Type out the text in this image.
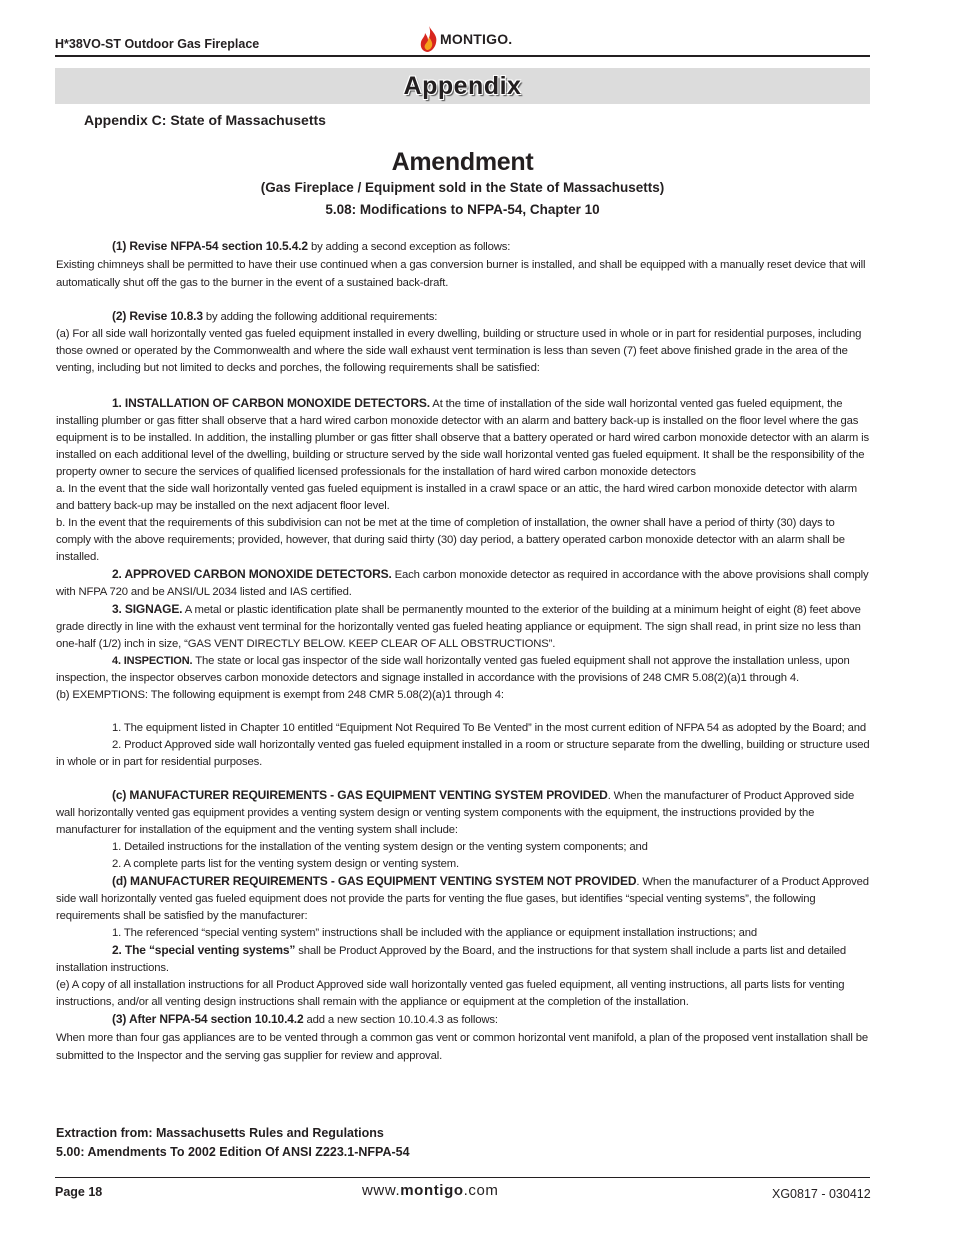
H*38VO-ST Outdoor Gas Fireplace	MONTIGO .
Appendix
Appendix C: State of Massachusetts
Amendment
(Gas Fireplace / Equipment sold in the State of Massachusetts)
5.08: Modifications to NFPA-54, Chapter 10

(1) Revise NFPA-54 section 10.5.4.2 by adding a second exception as follows:

Existing chimneys shall be permitted to have their use continued when a gas conversion burner is installed, and shall be equipped with a manually reset device that will automatically shut off the gas to the burner in the event of a sustained back-draft.

(2) Revise 10.8.3 by adding the following additional requirements:

(a) For all side wall horizontally vented gas fueled equipment installed in every dwelling, building or structure used in whole or in part for residential purposes, including those owned or operated by the Commonwealth and where the side wall exhaust vent termination is less than seven (7) feet above finished grade in the area of the venting, including but not limited to decks and porches, the following requirements shall be satisfied:

1. INSTALLATION OF CARBON MONOXIDE DETECTORS. At the time of installation of the side wall horizontal vented gas fueled equipment, the installing plumber or gas fitter shall observe that a hard wired carbon monoxide detector with an alarm and battery back-up is installed on the floor level where the gas equipment is to be installed. In addition, the installing plumber or gas fitter shall observe that a battery operated or hard wired carbon monoxide detector with an alarm is installed on each additional level of the dwelling, building or structure served by the side wall horizontal vented gas fueled equipment. It shall be the responsibility of the property owner to secure the services of qualified licensed professionals for the installation of hard wired carbon monoxide detectors

a. In the event that the side wall horizontally vented gas fueled equipment is installed in a crawl space or an attic, the hard wired carbon monoxide detector with alarm and battery back-up may be installed on the next adjacent floor level.

b. In the event that the requirements of this subdivision can not be met at the time of completion of installation, the owner shall have a period of thirty (30) days to comply with the above requirements; provided, however, that during said thirty (30) day period, a battery operated carbon monoxide detector with an alarm shall be installed.

2. APPROVED CARBON MONOXIDE DETECTORS. Each carbon monoxide detector as required in accordance with the above provisions shall comply with NFPA 720 and be ANSI/UL 2034 listed and IAS certified.

3. SIGNAGE. A metal or plastic identification plate shall be permanently mounted to the exterior of the building at a minimum height of eight (8) feet above grade directly in line with the exhaust vent terminal for the horizontally vented gas fueled heating appliance or equipment. The sign shall read, in print size no less than one-half (1/2) inch in size, “GAS VENT DIRECTLY BELOW. KEEP CLEAR OF ALL OBSTRUCTIONS”.

4. INSPECTION. The state or local gas inspector of the side wall horizontally vented gas fueled equipment shall not approve the installation unless, upon inspection, the inspector observes carbon monoxide detectors and signage installed in accordance with the provisions of 248 CMR 5.08(2)(a)1 through 4.

(b) EXEMPTIONS: The following equipment is exempt from 248 CMR 5.08(2)(a)1 through 4:

1. The equipment listed in Chapter 10 entitled “Equipment Not Required To Be Vented” in the most current edition of NFPA 54 as adopted by the Board; and

2. Product Approved side wall horizontally vented gas fueled equipment installed in a room or structure separate from the dwelling, building or structure used in whole or in part for residential purposes.

(c) MANUFACTURER REQUIREMENTS - GAS EQUIPMENT VENTING SYSTEM PROVIDED. When the manufacturer of Product Approved side wall horizontally vented gas equipment provides a venting system design or venting system components with the equipment, the instructions provided by the manufacturer for installation of the equipment and the venting system shall include:

1. Detailed instructions for the installation of the venting system design or the venting system components; and

2. A complete parts list for the venting system design or venting system.

(d) MANUFACTURER REQUIREMENTS - GAS EQUIPMENT VENTING SYSTEM NOT PROVIDED. When the manufacturer of a Product Approved side wall horizontally vented gas fueled equipment does not provide the parts for venting the flue gases, but identifies “special venting systems”, the following requirements shall be satisfied by the manufacturer:

1. The referenced “special venting system” instructions shall be included with the appliance or equipment installation instructions; and

2. The “special venting systems” shall be Product Approved by the Board, and the instructions for that system shall include a parts list and detailed installation instructions.

(e) A copy of all installation instructions for all Product Approved side wall horizontally vented gas fueled equipment, all venting instructions, all parts lists for venting instructions, and/or all venting design instructions shall remain with the appliance or equipment at the completion of the installation.

(3) After NFPA-54 section 10.10.4.2 add a new section 10.10.4.3 as follows:

When more than four gas appliances are to be vented through a common gas vent or common horizontal vent manifold, a plan of the proposed vent installation shall be submitted to the Inspector and the serving gas supplier for review and approval.

Extraction from: Massachusetts Rules and Regulations
5.00: Amendments To 2002 Edition Of ANSI Z223.1-NFPA-54
Page 18	www.montigo.com	XG0817 - 030412
